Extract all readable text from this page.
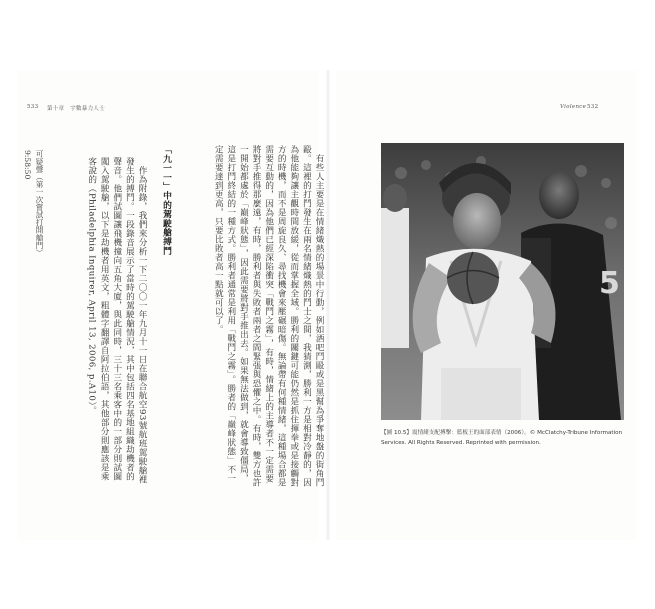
533 第十章　宇數暴力人士	Violence 532

有些人主要是在情緒熾熱的場景中行動，例如酒吧鬥毆或是黑幫為爭奪地盤的街角鬥毆。這裡的打鬥發生在兩名情緒熾熱的鬥士之間，我猜測，勝利一方是相對冷靜的，因為他能夠讓主觀時間放緩，從而掌握全域。勝利的關鍵可能仍然是抓住揮拳或是接觸對方的時機，而不是周旋良久、尋找機會來壓碾暗傷。無論帶有何種情緒，這種場合都是需要互動的，因為他們已經深陷衝突「戰鬥之霧」，有時，情緒上的主導者不一定需要將對手推得那麼遠，有時，勝利者與失敗者兩者之間緊張與恐懼之中。有時，雙方也許一開始都處於「巔峰狀態」，因此需要將對手推出去。如果無法做到，就會導致僵局，這是打鬥終結的一種方式。勝利者通常是利用「戰鬥之霧」。勝者的「巔峰狀態」不一定需要達到更高，只要比敗者高一點就可以了。

「九一一」中的駕駛艙搏鬥

作為附錄，我們來分析一下二〇〇一年九月十一日在聯合航空93號航班駕駛艙裡發生的搏鬥。一段錄音展示了當時的駕駛艙情況，其中包括四名基地組織劫機者的聲音。他們試圖讓飛機撞向五角大廈，與此同時，三十三名乘客中的一部分則試圖闖入駕駛艙，以下是劫機者用英文，粗體字翻譯自阿拉伯語，其他部分則應該是乘客說的（Philadelphia Inquirer, April 13, 2006, p.A10）。

9:58:50 可疑聲（第一次嘗試打開艙門）
5
【圖 10.5】震情緒支配搏擊：籃板王的面部表情（2006）。© McClatchy-Tribune Information Services. All Rights Reserved. Reprinted with permission.
